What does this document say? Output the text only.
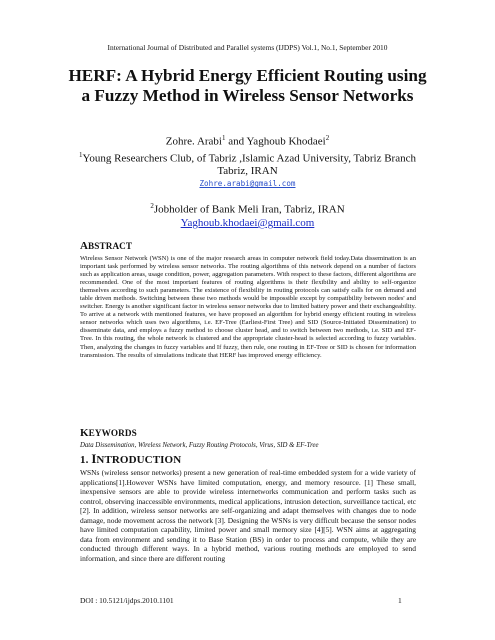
International Journal of Distributed and Parallel systems (IJDPS) Vol.1, No.1, September 2010
HERF: A Hybrid Energy Efficient Routing using
a Fuzzy Method in Wireless Sensor Networks
Zohre. Arabi$^1$ and Yaghoub Khodaei$^2$
$^1$Young Researchers Club, of Tabriz ,Islamic Azad University, Tabriz Branch
Tabriz, IRAN
Zohre.arabi@gmail.com
$^2$Jobholder of Bank Meli Iran, Tabriz, IRAN
Yaghoub.khodaei@gmail.com
ABSTRACT
Wireless Sensor Network (WSN) is one of the major research areas in computer network field today.Data dissemination is an important task performed by wireless sensor networks. The routing algorithms of this network depend on a number of factors such as application areas, usage condition, power, aggregation parameters. With respect to these factors, different algorithms are recommended. One of the most important features of routing algorithms is their flexibility and ability to self-organize themselves according to such parameters. The existence of flexibility in routing protocols can satisfy calls for on demand and table driven methods. Switching between these two methods would be impossible except by compatibility between nodes' and switcher. Energy is another significant factor in wireless sensor networks due to limited battery power and their exchangeability. To arrive at a network with mentioned features, we have proposed an algorithm for hybrid energy efficient routing in wireless sensor networks which uses two algorithms, i.e. EF-Tree (Earliest-First Tree) and SID (Source-Initiated Dissemination) to disseminate data, and employs a fuzzy method to choose cluster head, and to switch between two methods, i.e. SID and EF-Tree. In this routing, the whole network is clustered and the appropriate cluster-head is selected according to fuzzy variables. Then, analyzing the changes in fuzzy variables and If fuzzy, then rule, one routing in EF-Tree or SID is chosen for information transmission. The results of simulations indicate that HERF has improved energy efficiency.
KEYWORDS
Data Dissemination, Wireless Network, Fuzzy Routing Protocols, Virus, SID & EF-Tree
1. INTRODUCTION
WSNs (wireless sensor networks) present a new generation of real-time embedded system for a wide variety of applications[1].However WSNs have limited computation, energy, and memory resource. [1] These small, inexpensive sensors are able to provide wireless internetworks communication and perform tasks such as control, observing inaccessible environments, medical applications, intrusion detection, surveillance tactical, etc [2]. In addition, wireless sensor networks are self-organizing and adapt themselves with changes due to node damage, node movement across the network [3]. Designing the WSNs is very difficult because the sensor nodes have limited computation capability, limited power and small memory size [4][5]. WSN aims at aggregating data from environment and sending it to Base Station (BS) in order to process and compute, while they are conducted through different ways. In a hybrid method, various routing methods are employed to send information, and since there are different routing
DOI : 10.5121/ijdps.2010.1101	1
